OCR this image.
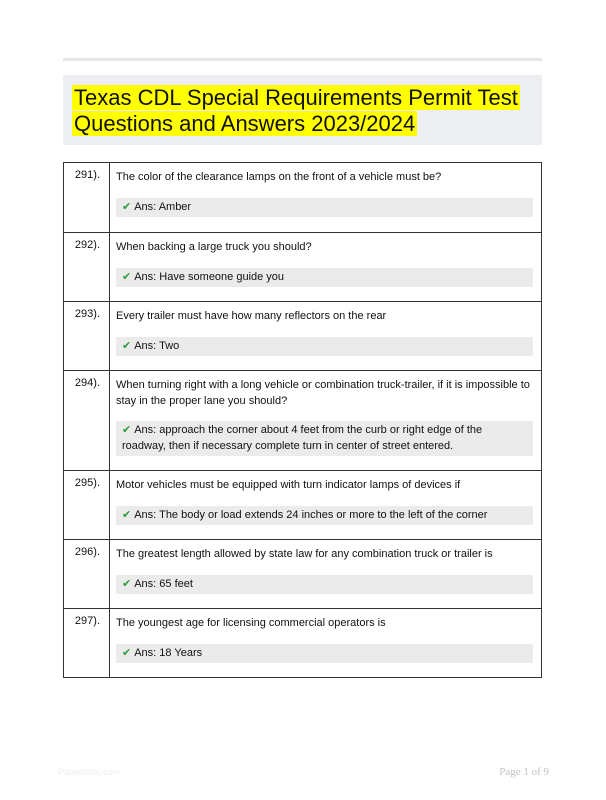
Texas CDL Special Requirements Permit Test Questions and Answers 2023/2024
291).	The color of the clearance lamps on the front of a vehicle must be?

✔ Ans: Amber

292).	When backing a large truck you should?

✔ Ans: Have someone guide you

293).	Every trailer must have how many reflectors on the rear

✔ Ans: Two

294).	When turning right with a long vehicle or combination truck-trailer, if it is impossible to stay in the proper lane you should?

✔ Ans: approach the corner about 4 feet from the curb or right edge of the roadway, then if necessary complete turn in center of street entered.

295).	Motor vehicles must be equipped with turn indicator lamps of devices if

✔ Ans: The body or load extends 24 inches or more to the left of the corner

296).	The greatest length allowed by state law for any combination truck or trailer is

✔ Ans: 65 feet

297).	The youngest age for licensing commercial operators is

✔ Ans: 18 Years
Paperbtsic.com	Page 1 of 9
